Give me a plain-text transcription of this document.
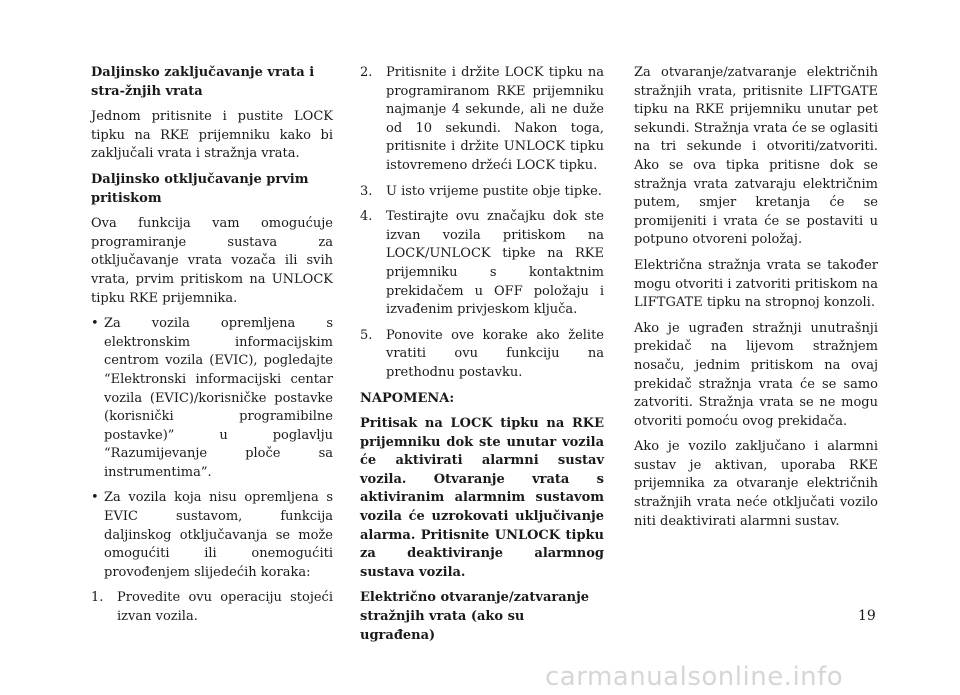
Daljinsko zaključavanje vrata i stra-žnjih vrata

Jednom pritisnite i pustite LOCK tipku na RKE prijemniku kako bi zaključali vrata i stražnja vrata.

Daljinsko otključavanje prvim pritiskom

Ova funkcija vam omogućuje programiranje sustava za otključavanje vrata vozača ili svih vrata, prvim pritiskom na UNLOCK tipku RKE prijemnika.

• Za vozila opremljena s elektronskim informacijskim centrom vozila (EVIC), pogledajte “Elektronski informacijski centar vozila (EVIC)/korisničke postavke (korisnički programibilne postavke)” u poglavlju “Razumijevanje ploče sa instrumentima”.
• Za vozila koja nisu opremljena s EVIC sustavom, funkcija daljinskog otključavanja se može omogućiti ili onemogućiti provođenjem slijedećih koraka:
1. Provedite ovu operaciju stojeći izvan vozila.
2. Pritisnite i držite LOCK tipku na programiranom RKE prijemniku najmanje 4 sekunde, ali ne duže od 10 sekundi. Nakon toga, pritisnite i držite UNLOCK tipku istovremeno držeći LOCK tipku.
3. U isto vrijeme pustite obje tipke.
4. Testirajte ovu značajku dok ste izvan vozila pritiskom na LOCK/UNLOCK tipke na RKE prijemniku s kontaktnim prekidačem u OFF položaju i izvađenim privjeskom ključa.
5. Ponovite ove korake ako želite vratiti ovu funkciju na prethodnu postavku.
NAPOMENA:

Pritisak na LOCK tipku na RKE prijemniku dok ste unutar vozila će aktivirati alarmni sustav vozila. Otvaranje vrata s aktiviranim alarmnim sustavom vozila će uzrokovati uključivanje alarma. Pritisnite UNLOCK tipku za deaktiviranje alarmnog sustava vozila.

Električno otvaranje/zatvaranje stražnjih vrata (ako su ugrađena)

Za otvaranje/zatvaranje električnih stražnjih vrata, pritisnite LIFTGATE tipku na RKE prijemniku unutar pet sekundi. Stražnja vrata će se oglasiti na tri sekunde i otvoriti/zatvoriti. Ako se ova tipka pritisne dok se stražnja vrata zatvaraju električnim putem, smjer kretanja će se promijeniti i vrata će se postaviti u potpuno otvoreni položaj.

Električna stražnja vrata se također mogu otvoriti i zatvoriti pritiskom na LIFTGATE tipku na stropnoj konzoli.

Ako je ugrađen stražnji unutrašnji prekidač na lijevom stražnjem nosaču, jednim pritiskom na ovaj prekidač stražnja vrata će se samo zatvoriti. Stražnja vrata se ne mogu otvoriti pomoću ovog prekidača.

Ako je vozilo zaključano i alarmni sustav je aktivan, uporaba RKE prijemnika za otvaranje električnih stražnjih vrata neće otključati vozilo niti deaktivirati alarmni sustav.

19
carmanualsonline.info
